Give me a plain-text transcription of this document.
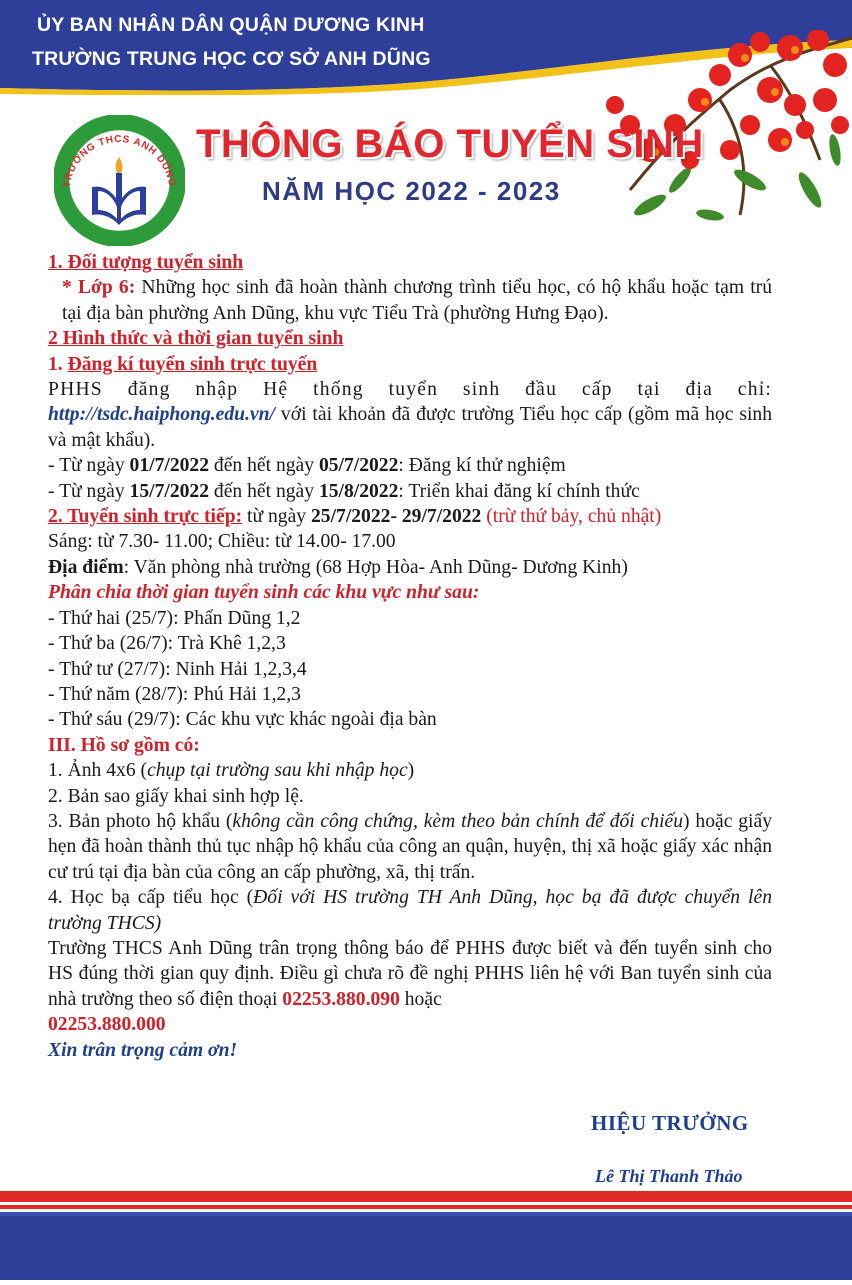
ỦY BAN NHÂN DÂN QUẬN DƯƠNG KINH
TRƯỜNG TRUNG HỌC CƠ SỞ ANH DŨNG
TRƯỜNG THCS ANH DŨNG
THÔNG BÁO TUYỂN SINH
NĂM HỌC 2022 - 2023

1. Đối tượng tuyển sinh

* Lớp 6: Những học sinh đã hoàn thành chương trình tiểu học, có hộ khẩu hoặc tạm trú tại địa bàn phường Anh Dũng, khu vực Tiểu Trà (phường Hưng Đạo).

2 Hình thức và thời gian tuyển sinh

1. Đăng kí tuyển sinh trực tuyến

PHHS đăng nhập Hệ thống tuyển sinh đầu cấp tại địa chỉ:

http://tsdc.haiphong.edu.vn/ với tài khoản đã được trường Tiểu học cấp (gồm mã học sinh và mật khẩu).

- Từ ngày 01/7/2022 đến hết ngày 05/7/2022: Đăng kí thử nghiệm

- Từ ngày 15/7/2022 đến hết ngày 15/8/2022: Triển khai đăng kí chính thức

2. Tuyển sinh trực tiếp: từ ngày 25/7/2022- 29/7/2022 (trừ thứ bảy, chủ nhật)

Sáng: từ 7.30- 11.00; Chiều: từ 14.00- 17.00

Địa điểm: Văn phòng nhà trường (68 Hợp Hòa- Anh Dũng- Dương Kinh)

Phân chia thời gian tuyển sinh các khu vực như sau:

- Thứ hai (25/7): Phấn Dũng 1,2

- Thứ ba (26/7): Trà Khê 1,2,3

- Thứ tư (27/7): Ninh Hải 1,2,3,4

- Thứ năm (28/7): Phú Hải 1,2,3

- Thứ sáu (29/7): Các khu vực khác ngoài địa bàn

III. Hồ sơ gồm có:

1. Ảnh 4x6 (chụp tại trường sau khi nhập học)

2. Bản sao giấy khai sinh hợp lệ.

3. Bản photo hộ khẩu (không cần công chứng, kèm theo bản chính để đối chiếu) hoặc giấy hẹn đã hoàn thành thủ tục nhập hộ khẩu của công an quận, huyện, thị xã hoặc giấy xác nhận cư trú tại địa bàn của công an cấp phường, xã, thị trấn.

4. Học bạ cấp tiểu học (Đối với HS trường TH Anh Dũng, học bạ đã được chuyển lên trường THCS)

Trường THCS Anh Dũng trân trọng thông báo để PHHS được biết và đến tuyển sinh cho HS đúng thời gian quy định. Điều gì chưa rõ đề nghị PHHS liên hệ với Ban tuyển sinh của nhà trường theo số điện thoại 02253.880.090 hoặc
02253.880.000

Xin trân trọng cảm ơn!

HIỆU TRƯỞNG
Lê Thị Thanh Thảo
